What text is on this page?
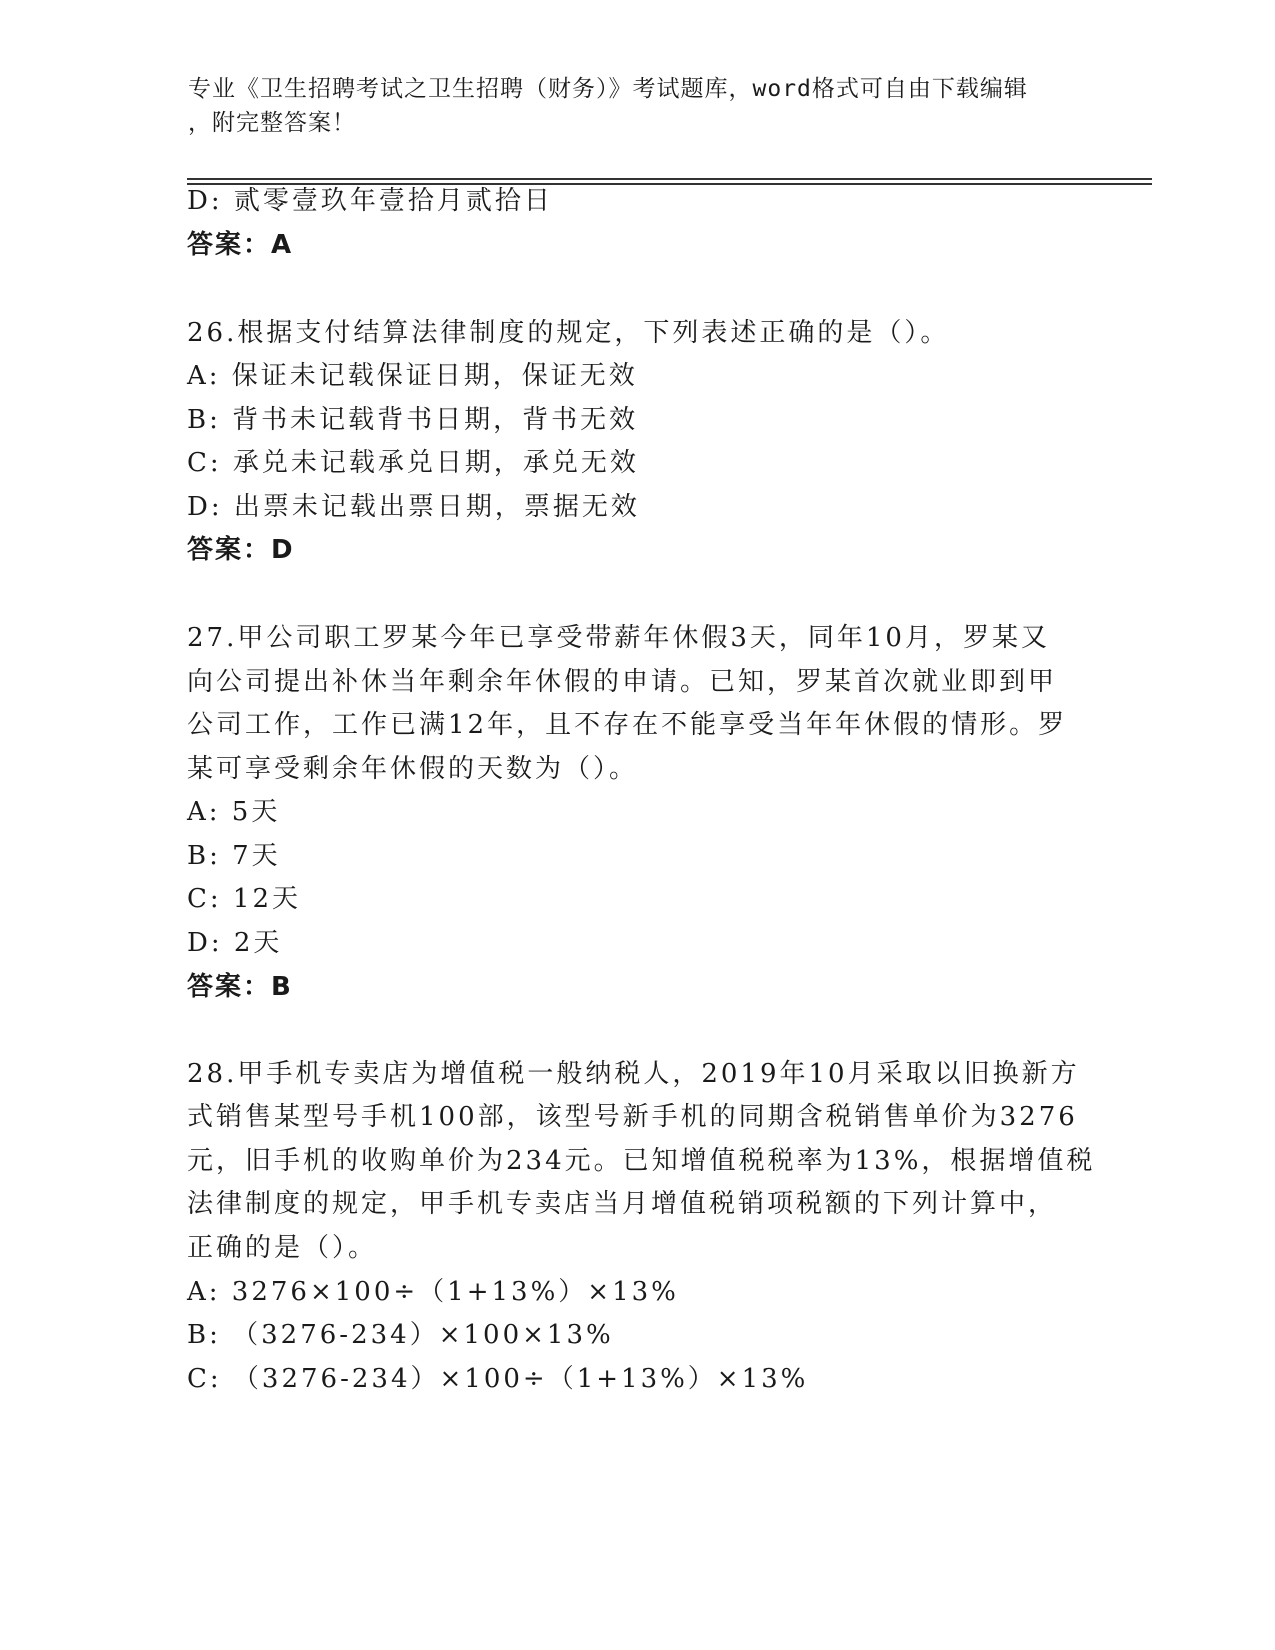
专业《卫生招聘考试之卫生招聘（财务）》考试题库，word格式可自由下载编辑
，附完整答案！
D: 贰零壹玖年壹拾月贰拾日
答案：A
26.根据支付结算法律制度的规定，下列表述正确的是（）。
A: 保证未记载保证日期，保证无效
B: 背书未记载背书日期，背书无效
C: 承兑未记载承兑日期，承兑无效
D: 出票未记载出票日期，票据无效
答案：D
27.甲公司职工罗某今年已享受带薪年休假3天，同年10月，罗某又
向公司提出补休当年剩余年休假的申请。已知，罗某首次就业即到甲
公司工作，工作已满12年，且不存在不能享受当年年休假的情形。罗
某可享受剩余年休假的天数为（）。
A: 5天
B: 7天
C: 12天
D: 2天
答案：B
28.甲手机专卖店为增值税一般纳税人，2019年10月采取以旧换新方
式销售某型号手机100部，该型号新手机的同期含税销售单价为3276
元，旧手机的收购单价为234元。已知增值税税率为13%，根据增值税
法律制度的规定，甲手机专卖店当月增值税销项税额的下列计算中，
正确的是（）。
A: 3276×100÷（1+13%）×13%
B: （3276-234）×100×13%
C: （3276-234）×100÷（1+13%）×13%
